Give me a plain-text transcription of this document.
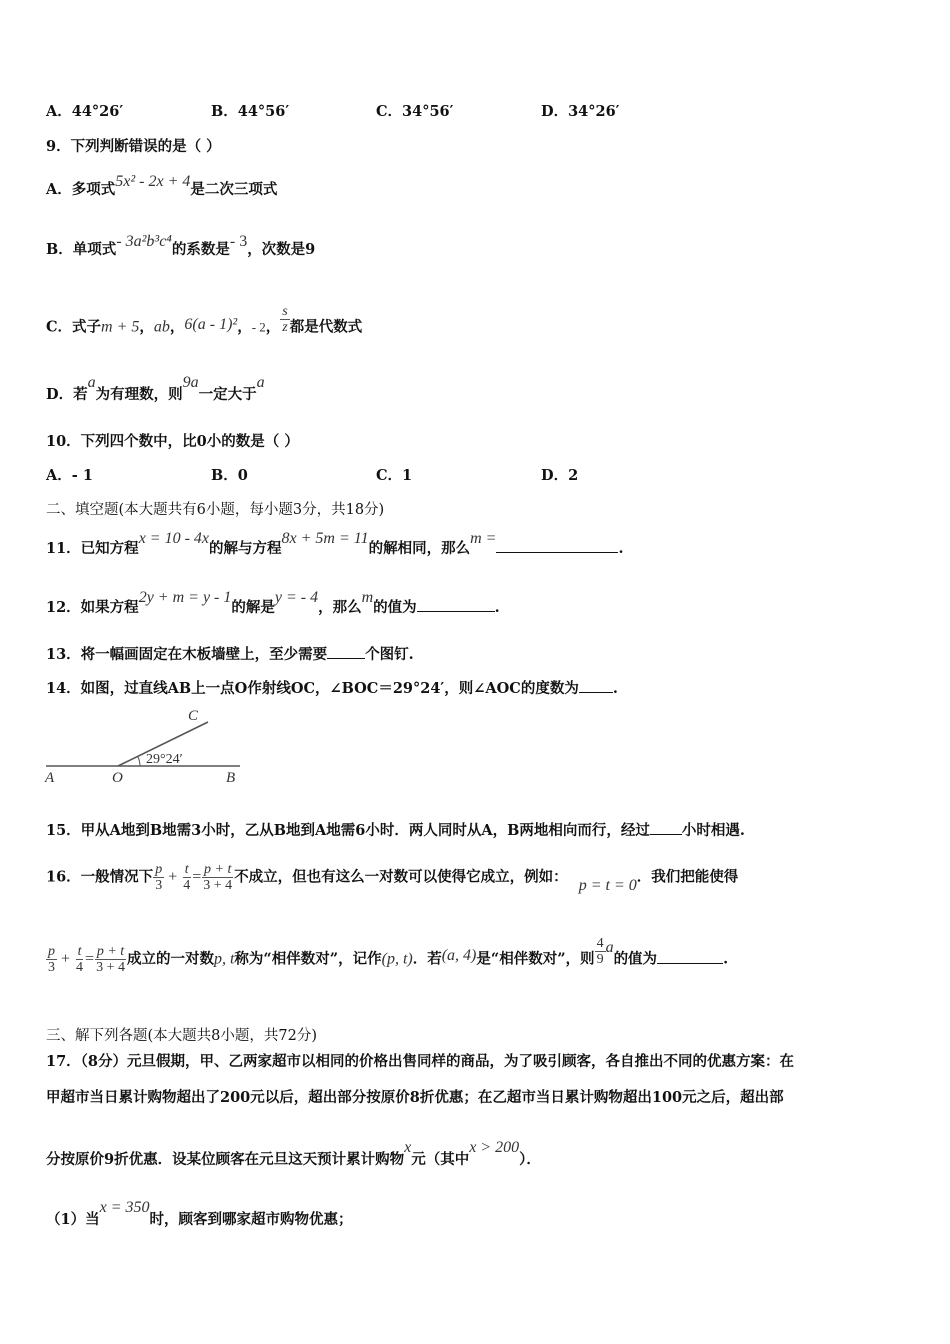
A．44°26′	B．44°56′	C．34°56′	D．34°26′
9．下列判断错误的是（ ）
A．多项式5x² - 2x + 4是二次三项式
B．单项式- 3a²b³c⁴的系数是- 3，次数是9
C．式子m + 5，ab，6(a - 1)²，- 2， $\frac{s}{z}$ 都是代数式
D．若a为有理数，则9a一定大于a
10．下列四个数中，比0小的数是（ ）
A．- 1	B．0	C．1	D．2
二、填空题(本大题共有6小题，每小题3分，共18分)
11．已知方程x = 10 - 4x的解与方程8x + 5m = 11的解相同，那么m =.
12．如果方程2y + m = y - 1的解是y = - 4，那么m的值为	.
13．将一幅画固定在木板墙壁上，至少需要	个图钉.
14．如图，过直线AB上一点O作射线OC，∠BOC＝29°24′，则∠AOC的度数为 .
A	O	B
C
29°24′
15．甲从A地到B地需3小时，乙从B地到A地需6小时．两人同时从A，B两地相向而行，经过 小时相遇.
16．一般情况下 $\frac{p}{3} + \frac{t}{4} = \frac{p + t}{3 + 4}$ 不成立，但也有这么一对数可以使得它成立，例如： p = t = 0．我们把能使得
$\frac{p}{3} + \frac{t}{4} = \frac{p + t}{3 + 4}$ 成立的一对数p, t称为“相伴数对”，记作(p, t)．若(a, 4)是“相伴数对”，则 $\frac{4}{9}$ a的值为	.
三、解下列各题(本大题共8小题，共72分)
17．（8分）元旦假期，甲、乙两家超市以相同的价格出售同样的商品，为了吸引顾客，各自推出不同的优惠方案：在
甲超市当日累计购物超出了200元以后，超出部分按原价8折优惠；在乙超市当日累计购物超出100元之后，超出部
分按原价9折优惠．设某位顾客在元旦这天预计累计购物x元（其中x > 200）．
（1）当x = 350时，顾客到哪家超市购物优惠；
